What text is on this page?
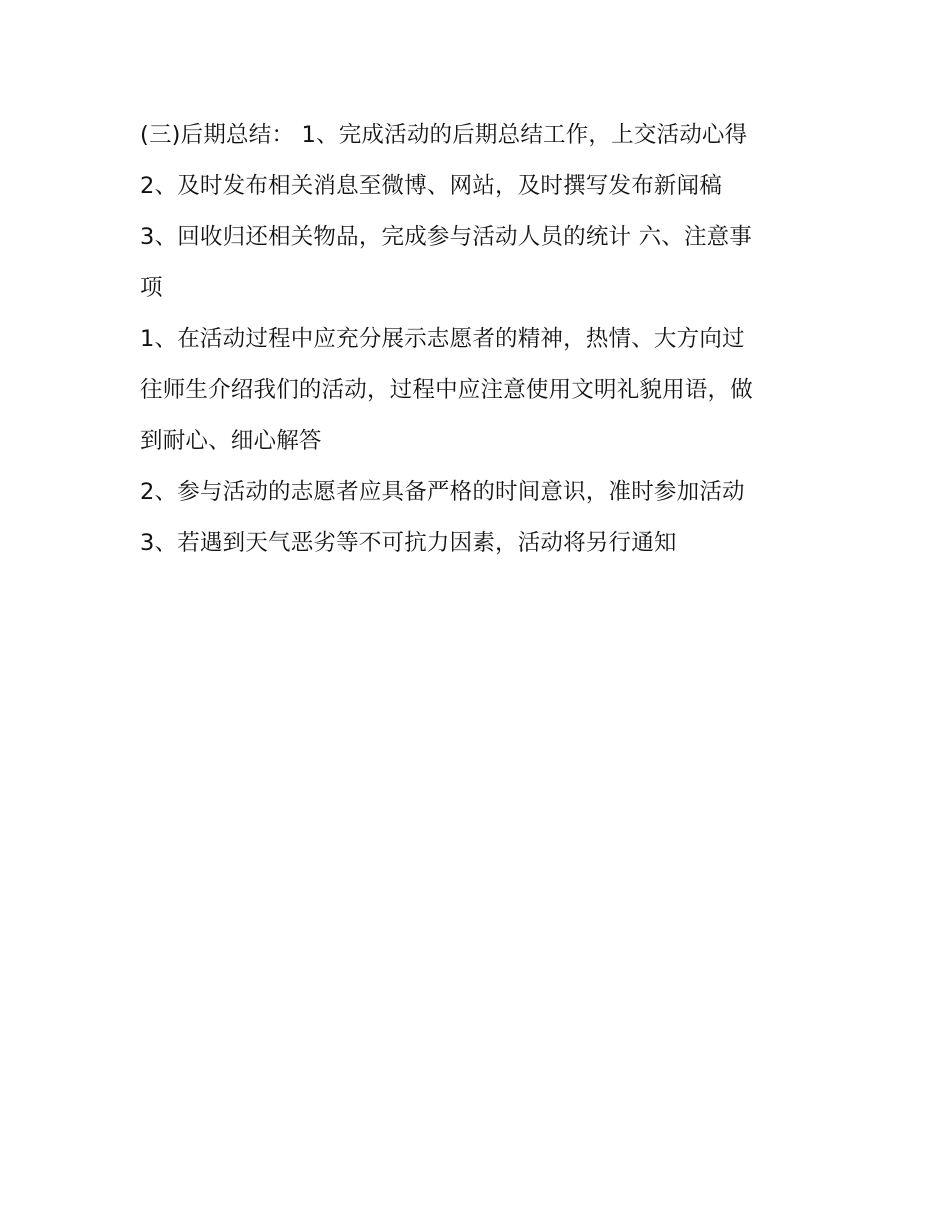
(三)后期总结： 1、完成活动的后期总结工作，上交活动心得
2、及时发布相关消息至微博、网站，及时撰写发布新闻稿
3、回收归还相关物品，完成参与活动人员的统计 六、注意事
项
1、在活动过程中应充分展示志愿者的精神，热情、大方向过
往师生介绍我们的活动，过程中应注意使用文明礼貌用语，做
到耐心、细心解答
2、参与活动的志愿者应具备严格的时间意识，准时参加活动
3、若遇到天气恶劣等不可抗力因素，活动将另行通知
